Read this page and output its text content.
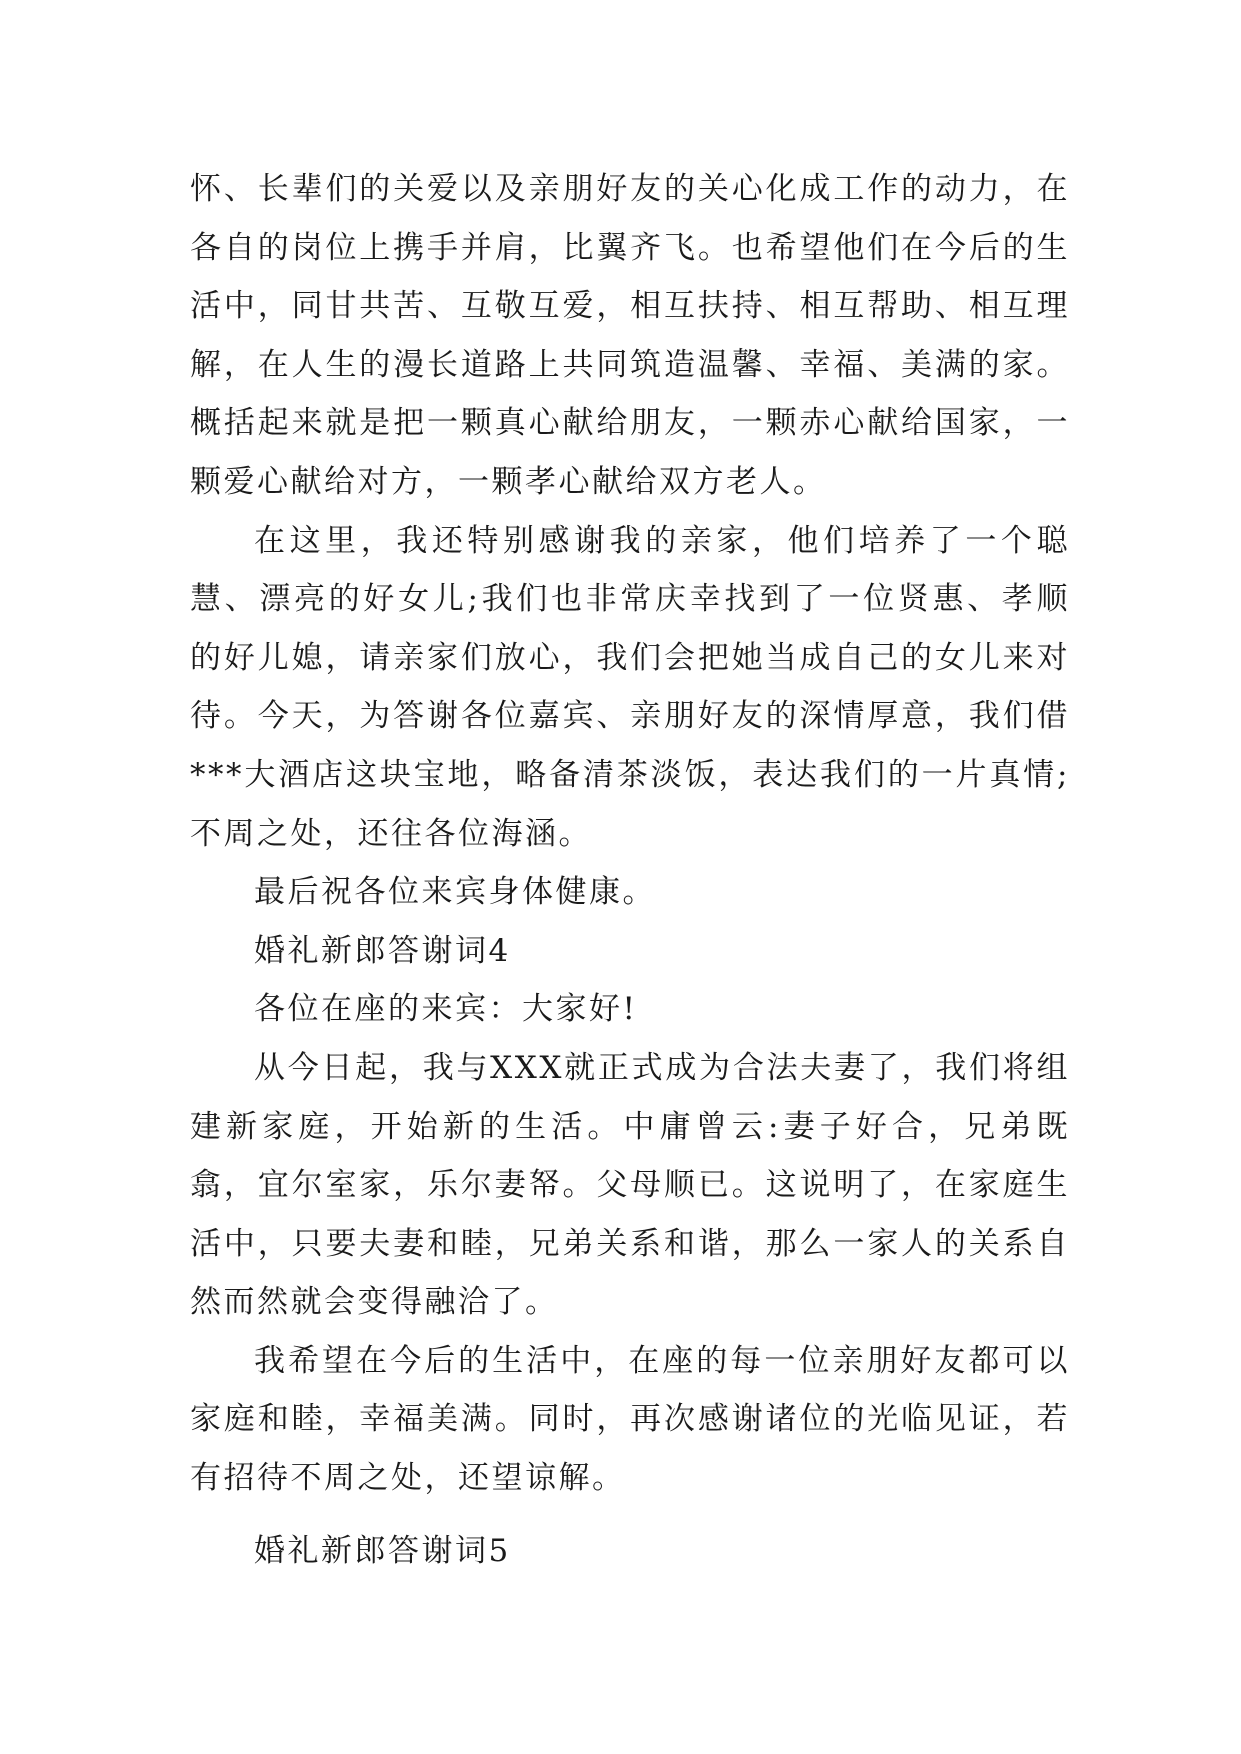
怀、长辈们的关爱以及亲朋好友的关心化成工作的动力，在各自的岗位上携手并肩，比翼齐飞。也希望他们在今后的生活中，同甘共苦、互敬互爱，相互扶持、相互帮助、相互理解，在人生的漫长道路上共同筑造温馨、幸福、美满的家。概括起来就是把一颗真心献给朋友，一颗赤心献给国家，一颗爱心献给对方，一颗孝心献给双方老人。

在这里，我还特别感谢我的亲家，他们培养了一个聪慧、漂亮的好女儿;我们也非常庆幸找到了一位贤惠、孝顺的好儿媳，请亲家们放心，我们会把她当成自己的女儿来对待。今天，为答谢各位嘉宾、亲朋好友的深情厚意，我们借***大酒店这块宝地，略备清茶淡饭，表达我们的一片真情;不周之处，还往各位海涵。

最后祝各位来宾身体健康。

婚礼新郎答谢词4

各位在座的来宾：大家好!

从今日起，我与XXX就正式成为合法夫妻了，我们将组建新家庭，开始新的生活。中庸曾云:妻子好合，兄弟既翕，宜尔室家，乐尔妻帑。父母顺已。这说明了，在家庭生活中，只要夫妻和睦，兄弟关系和谐，那么一家人的关系自然而然就会变得融洽了。

我希望在今后的生活中，在座的每一位亲朋好友都可以家庭和睦，幸福美满。同时，再次感谢诸位的光临见证，若有招待不周之处，还望谅解。

婚礼新郎答谢词5
